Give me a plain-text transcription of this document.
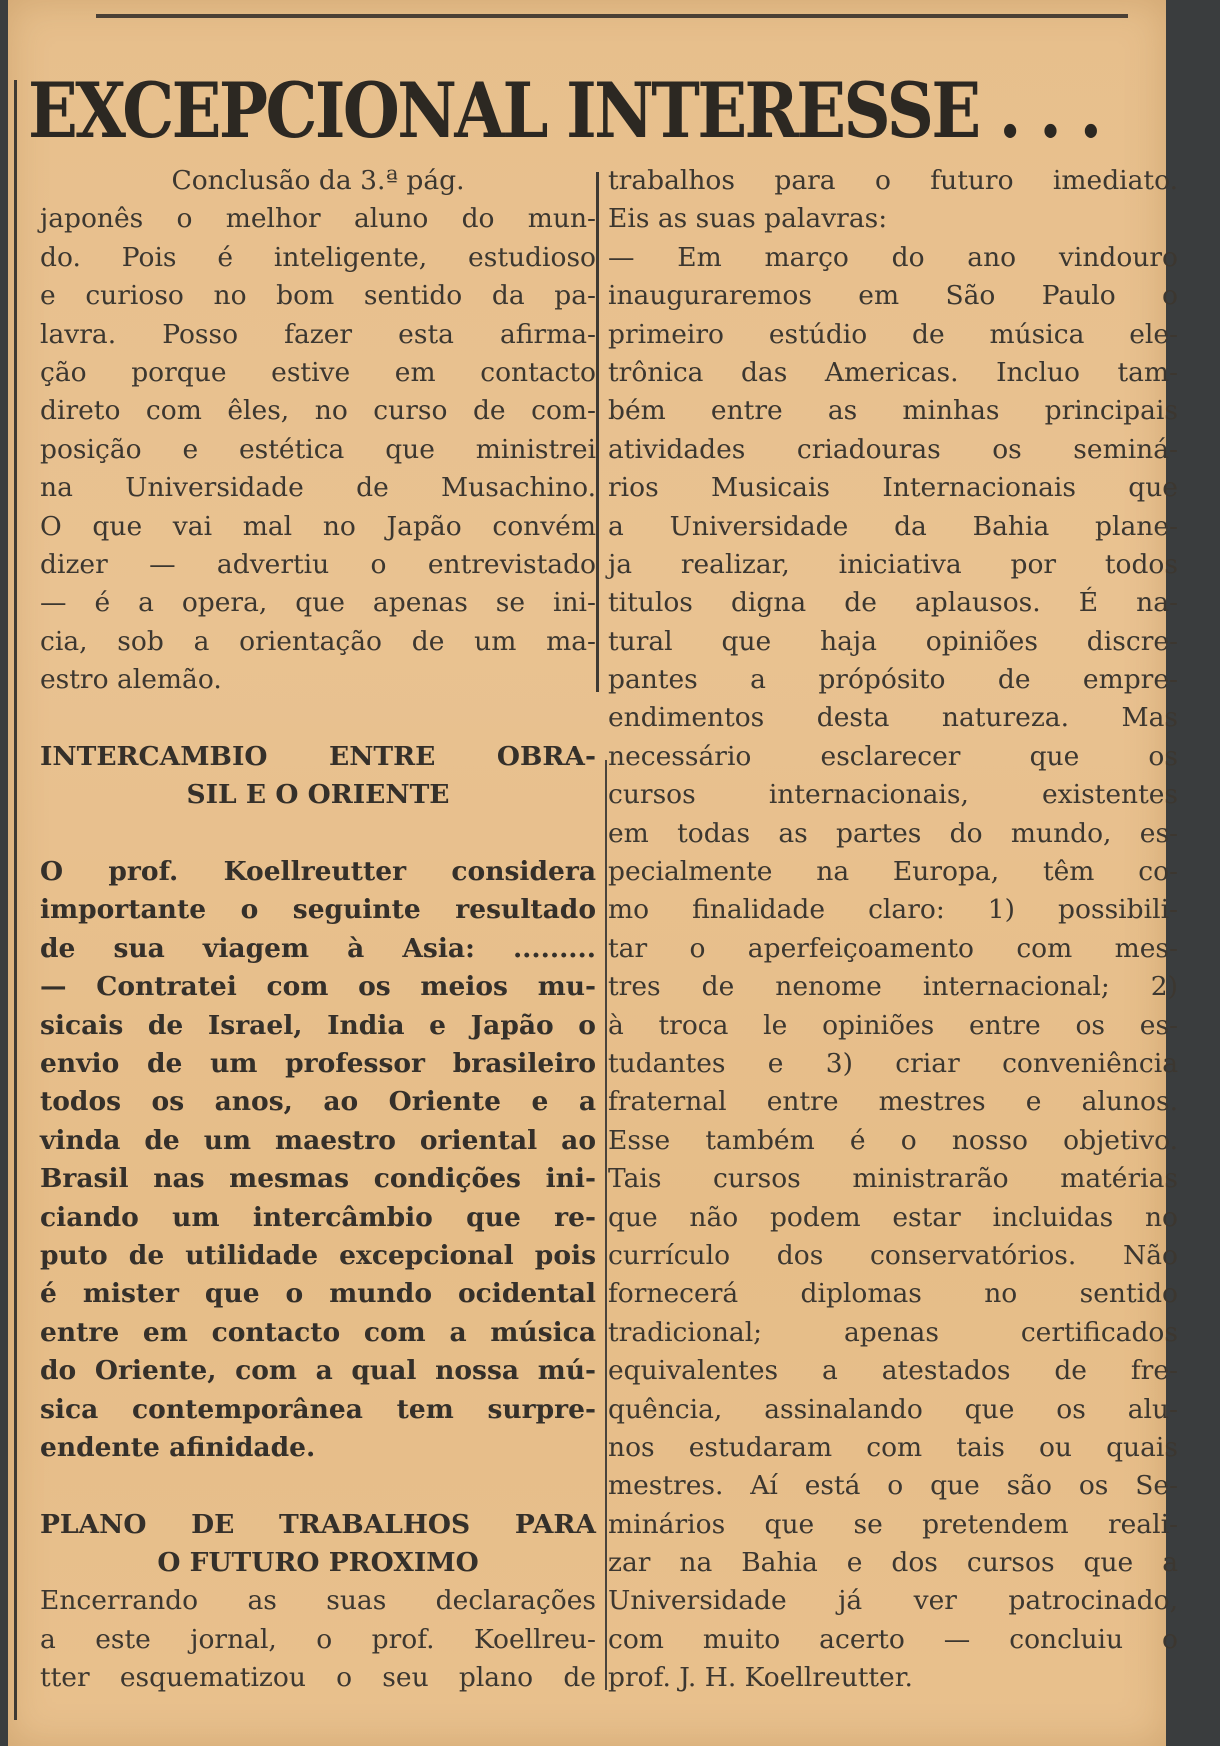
EXCEPCIONAL INTERESSE . . .
Conclusão da 3.ª pág.
japonês o melhor aluno do mun-
do. Pois é inteligente, estudioso
e curioso no bom sentido da pa-
lavra. Posso fazer esta afirma-
ção porque estive em contacto
direto com êles, no curso de com-
posição e estética que ministrei
na Universidade de Musachino.
O que vai mal no Japão convém
dizer — advertiu o entrevistado
— é a opera, que apenas se ini-
cia, sob a orientação de um ma-
estro alemão.
INTERCAMBIO ENTRE OBRA-
SIL E O ORIENTE
O prof. Koellreutter considera
importante o seguinte resultado
de sua viagem à Asia: .........
— Contratei com os meios mu-
sicais de Israel, India e Japão o
envio de um professor brasileiro
todos os anos, ao Oriente e a
vinda de um maestro oriental ao
Brasil nas mesmas condições ini-
ciando um intercâmbio que re-
puto de utilidade excepcional pois
é mister que o mundo ocidental
entre em contacto com a música
do Oriente, com a qual nossa mú-
sica contemporânea tem surpre-
endente afinidade.
PLANO DE TRABALHOS PARA
O FUTURO PROXIMO
Encerrando as suas declarações
a este jornal, o prof. Koellreu-
tter esquematizou o seu plano de
trabalhos para o futuro imediato.
Eis as suas palavras:
— Em março do ano vindouro
inauguraremos em São Paulo o
primeiro estúdio de música ele-
trônica das Americas. Incluo tam-
bém entre as minhas principais
atividades criadouras os seminá-
rios Musicais Internacionais que
a Universidade da Bahia plane-
ja realizar, iniciativa por todos
titulos digna de aplausos. É na-
tural que haja opiniões discre-
pantes a própósito de empre-
endimentos desta natureza. Mas
necessário esclarecer que os
cursos internacionais, existentes
em todas as partes do mundo, es-
pecialmente na Europa, têm co-
mo finalidade claro: 1) possibili-
tar o aperfeiçoamento com mes-
tres de nenome internacional; 2)
à troca le opiniões entre os es-
tudantes e 3) criar conveniência
fraternal entre mestres e alunos.
Esse também é o nosso objetivo.
Tais cursos ministrarão matérias
que não podem estar incluidas no
currículo dos conservatórios. Não
fornecerá diplomas no sentido
tradicional; apenas certificados
equivalentes a atestados de fre-
quência, assinalando que os alu-
nos estudaram com tais ou quais
mestres. Aí está o que são os Se-
minários que se pretendem reali-
zar na Bahia e dos cursos que a
Universidade já ver patrocinado,
com muito acerto — concluiu o
prof. J. H. Koellreutter.
